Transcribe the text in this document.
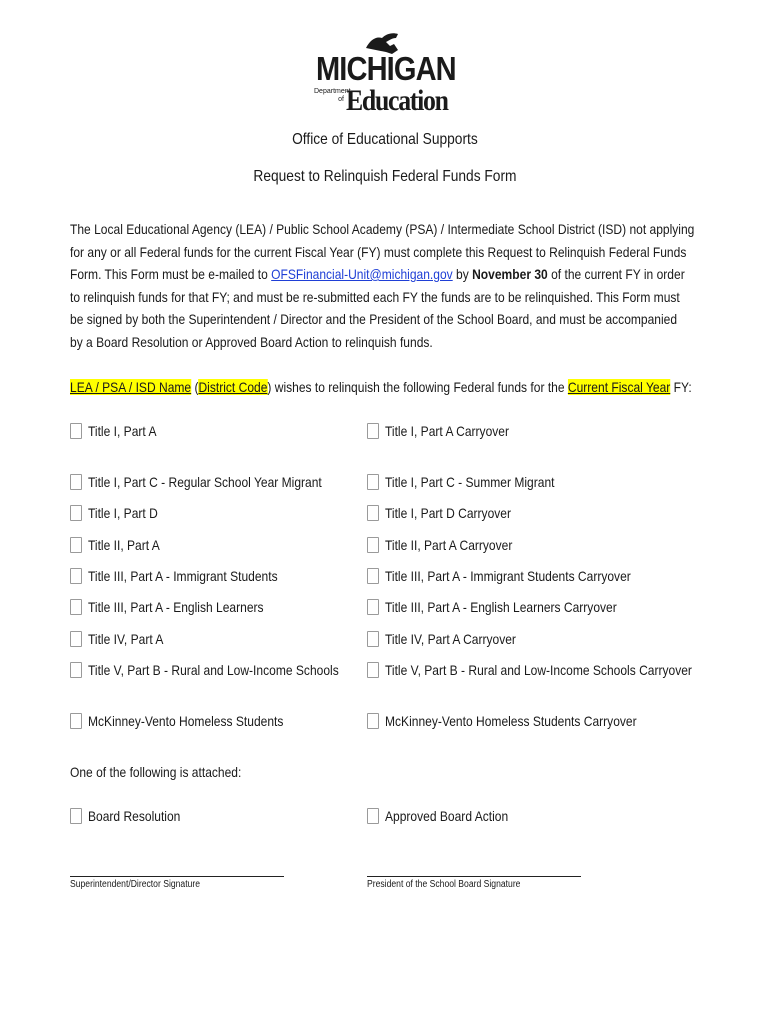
MICHIGAN
Department
of Education
Office of Educational Supports
Request to Relinquish Federal Funds Form
The Local Educational Agency (LEA) / Public School Academy (PSA) / Intermediate School District (ISD) not applying
for any or all Federal funds for the current Fiscal Year (FY) must complete this Request to Relinquish Federal Funds
Form. This Form must be e-mailed to OFSFinancial-Unit@michigan.gov by November 30 of the current FY in order
to relinquish funds for that FY; and must be re-submitted each FY the funds are to be relinquished. This Form must
be signed by both the Superintendent / Director and the President of the School Board, and must be accompanied
by a Board Resolution or Approved Board Action to relinquish funds.
LEA / PSA / ISD Name (District Code) wishes to relinquish the following Federal funds for the Current Fiscal Year FY:
Title I, Part A	Title I, Part A Carryover
Title I, Part C - Regular School Year Migrant	Title I, Part C - Summer Migrant
Title I, Part D	Title I, Part D Carryover
Title II, Part A	Title II, Part A Carryover
Title III, Part A - Immigrant Students	Title III, Part A - Immigrant Students Carryover
Title III, Part A - English Learners	Title III, Part A - English Learners Carryover
Title IV, Part A	Title IV, Part A Carryover
Title V, Part B - Rural and Low-Income Schools	Title V, Part B - Rural and Low-Income Schools Carryover
McKinney-Vento Homeless Students	McKinney-Vento Homeless Students Carryover
One of the following is attached:
Board Resolution	Approved Board Action
Superintendent/Director Signature	President of the School Board Signature
